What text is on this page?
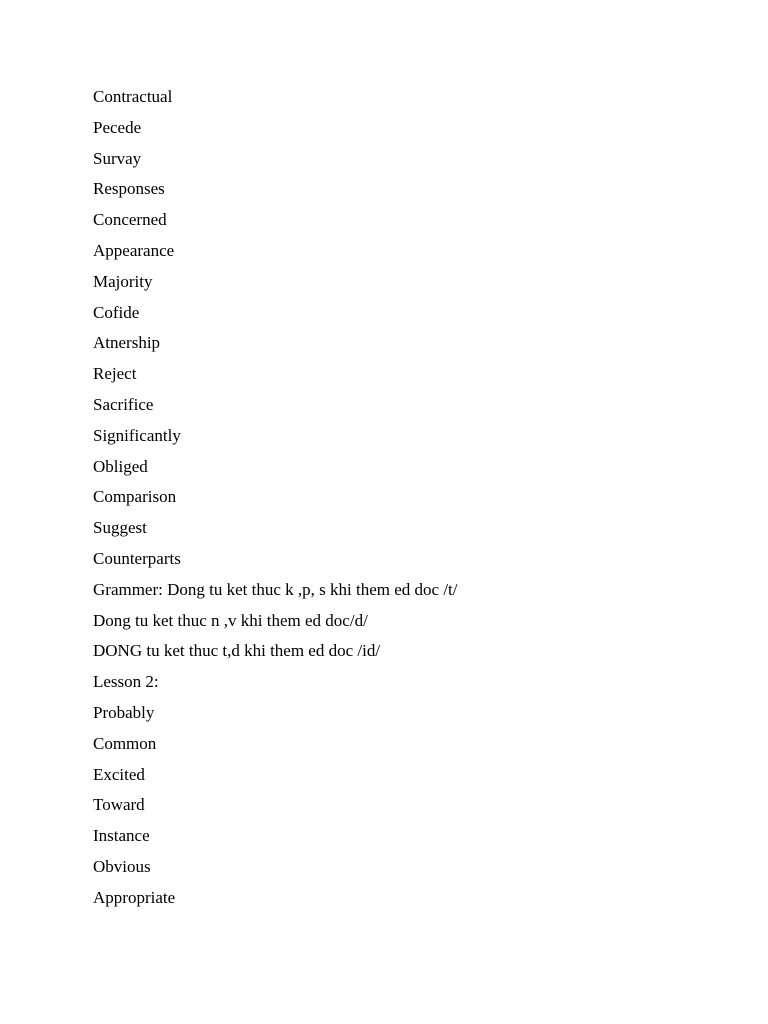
Contractual
Pecede
Survay
Responses
Concerned
Appearance
Majority
Cofide
Atnership
Reject
Sacrifice
Significantly
Obliged
Comparison
Suggest
Counterparts
Grammer: Dong tu ket thuc k ,p, s khi them ed doc /t/
Dong tu ket thuc n ,v khi them ed doc/d/
DONG tu ket thuc t,d khi them ed doc /id/
Lesson 2:
Probably
Common
Excited
Toward
Instance
Obvious
Appropriate
